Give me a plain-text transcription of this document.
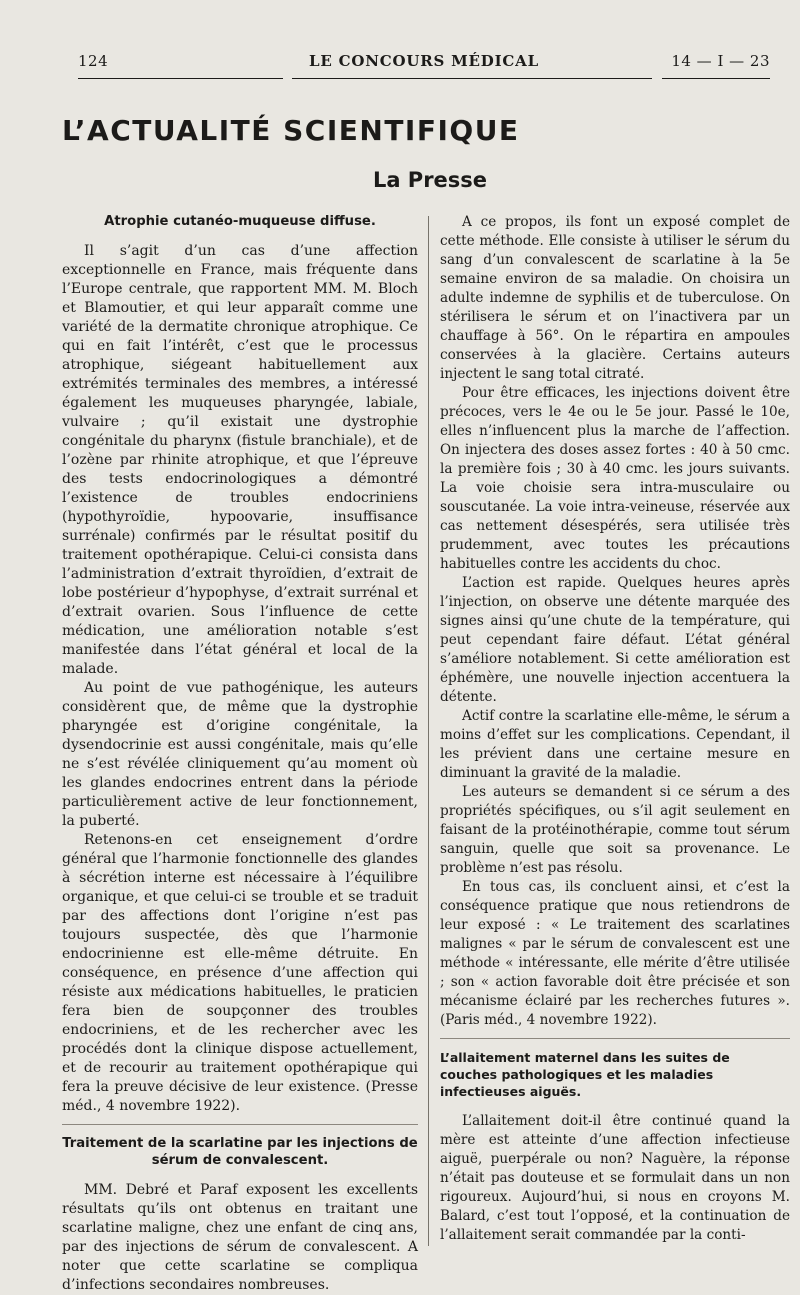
124	LE CONCOURS MÉDICAL	14 — I — 23
L’ACTUALITÉ SCIENTIFIQUE
La Presse
Atrophie cutanéo-muqueuse diffuse.

Il s’agit d’un cas d’une affection exceptionnelle en France, mais fréquente dans l’Europe centrale, que rapportent MM. M. Bloch et Blamoutier, et qui leur apparaît comme une variété de la dermatite chronique atrophique. Ce qui en fait l’intérêt, c’est que le processus atrophique, siégeant habituellement aux extrémités terminales des membres, a intéressé également les muqueuses pharyngée, labiale, vulvaire ; qu’il existait une dystrophie congénitale du pharynx (fistule branchiale), et de l’ozène par rhinite atrophique, et que l’épreuve des tests endocrinologiques a démontré l’existence de troubles endocriniens (hypothyroïdie, hypoovarie, insuffisance surrénale) confirmés par le résultat positif du traitement opothérapique. Celui-ci consista dans l’administration d’extrait thyroïdien, d’extrait de lobe postérieur d’hypophyse, d’extrait surrénal et d’extrait ovarien. Sous l’influence de cette médication, une amélioration notable s’est manifestée dans l’état général et local de la malade.

Au point de vue pathogénique, les auteurs considèrent que, de même que la dystrophie pharyngée est d’origine congénitale, la dysendocrinie est aussi congénitale, mais qu’elle ne s’est révélée cliniquement qu’au moment où les glandes endocrines entrent dans la période particulièrement active de leur fonctionnement, la puberté.

Retenons-en cet enseignement d’ordre général que l’harmonie fonctionnelle des glandes à sécrétion interne est nécessaire à l’équilibre organique, et que celui-ci se trouble et se traduit par des affections dont l’origine n’est pas toujours suspectée, dès que l’harmonie endocrinienne est elle-même détruite. En conséquence, en présence d’une affection qui résiste aux médications habituelles, le praticien fera bien de soupçonner des troubles endocriniens, et de les rechercher avec les procédés dont la clinique dispose actuellement, et de recourir au traitement opothérapique qui fera la preuve décisive de leur existence. (Presse méd., 4 novembre 1922).

Traitement de la scarlatine par les injections de sérum de convalescent.

MM. Debré et Paraf exposent les excellents résultats qu’ils ont obtenus en traitant une scarlatine maligne, chez une enfant de cinq ans, par des injections de sérum de convalescent. A noter que cette scarlatine se compliqua d’infections secondaires nombreuses.

A ce propos, ils font un exposé complet de cette méthode. Elle consiste à utiliser le sérum du sang d’un convalescent de scarlatine à la 5e semaine environ de sa maladie. On choisira un adulte indemne de syphilis et de tuberculose. On stérilisera le sérum et on l’inactivera par un chauffage à 56°. On le répartira en ampoules conservées à la glacière. Certains auteurs injectent le sang total citraté.

Pour être efficaces, les injections doivent être précoces, vers le 4e ou le 5e jour. Passé le 10e, elles n’influencent plus la marche de l’affection. On injectera des doses assez fortes : 40 à 50 cmc. la première fois ; 30 à 40 cmc. les jours suivants. La voie choisie sera intra-musculaire ou souscutanée. La voie intra-veineuse, réservée aux cas nettement désespérés, sera utilisée très prudemment, avec toutes les précautions habituelles contre les accidents du choc.

L’action est rapide. Quelques heures après l’injection, on observe une détente marquée des signes ainsi qu’une chute de la température, qui peut cependant faire défaut. L’état général s’améliore notablement. Si cette amélioration est éphémère, une nouvelle injection accentuera la détente.

Actif contre la scarlatine elle-même, le sérum a moins d’effet sur les complications. Cependant, il les prévient dans une certaine mesure en diminuant la gravité de la maladie.

Les auteurs se demandent si ce sérum a des propriétés spécifiques, ou s’il agit seulement en faisant de la protéinothérapie, comme tout sérum sanguin, quelle que soit sa provenance. Le problème n’est pas résolu.

En tous cas, ils concluent ainsi, et c’est la conséquence pratique que nous retiendrons de leur exposé : « Le traitement des scarlatines malignes « par le sérum de convalescent est une méthode « intéressante, elle mérite d’être utilisée ; son « action favorable doit être précisée et son mécanisme éclairé par les recherches futures ». (Paris méd., 4 novembre 1922).

L’allaitement maternel dans les suites de couches pathologiques et les maladies infectieuses aiguës.

L’allaitement doit-il être continué quand la mère est atteinte d’une affection infectieuse aiguë, puerpérale ou non? Naguère, la réponse n’était pas douteuse et se formulait dans un non rigoureux. Aujourd’hui, si nous en croyons M. Balard, c’est tout l’opposé, et la continuation de l’allaitement serait commandée par la conti-
